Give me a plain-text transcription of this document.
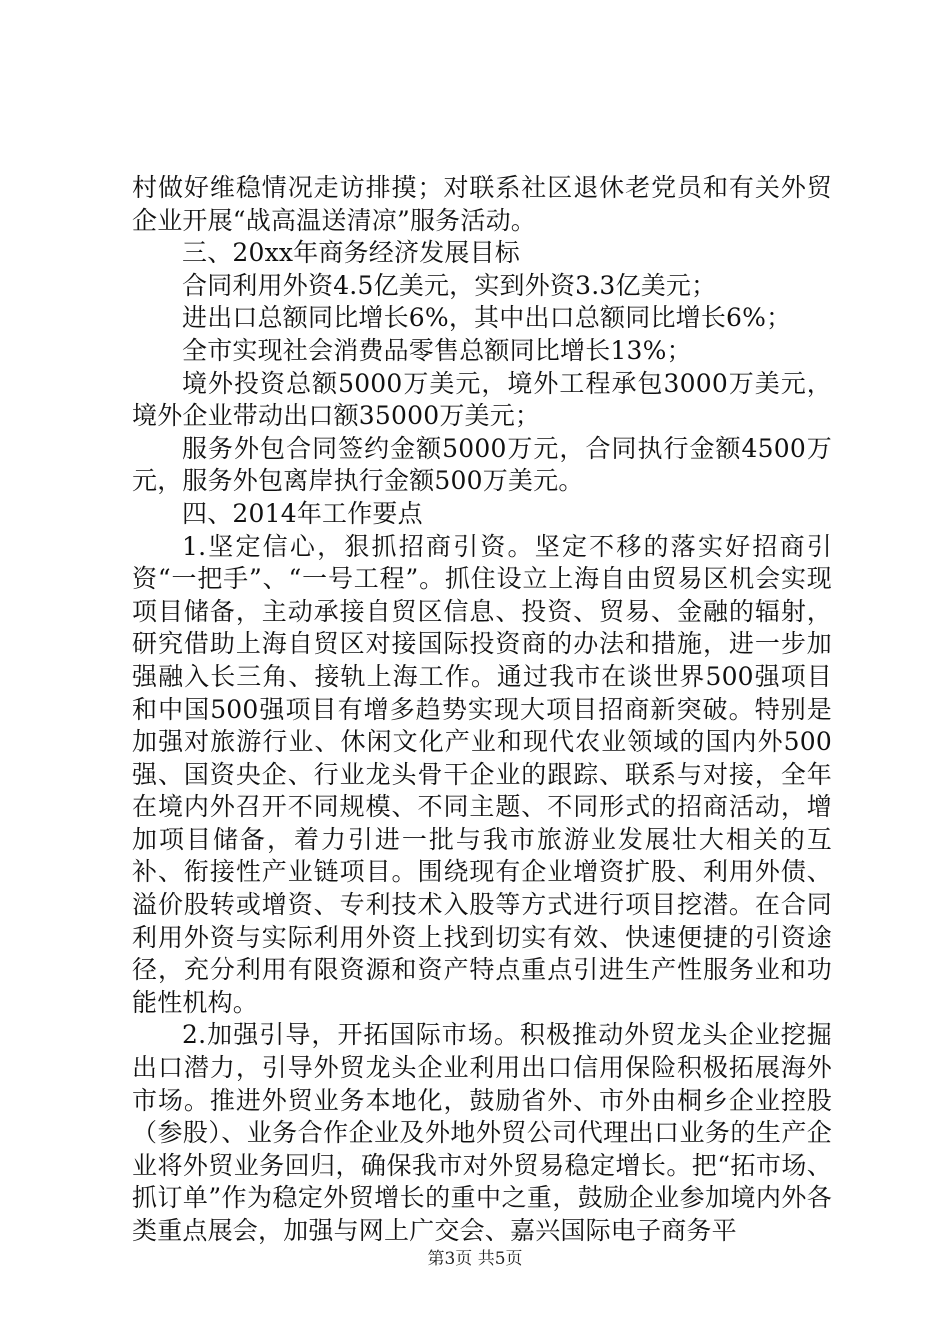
村做好维稳情况走访排摸；对联系社区退休老党员和有关外贸企业开展“战高温送清凉”服务活动。

三、20xx年商务经济发展目标

合同利用外资4.5亿美元，实到外资3.3亿美元；

进出口总额同比增长6%，其中出口总额同比增长6%；

全市实现社会消费品零售总额同比增长13%；

境外投资总额5000万美元，境外工程承包3000万美元，境外企业带动出口额35000万美元；

服务外包合同签约金额5000万元，合同执行金额4500万元，服务外包离岸执行金额500万美元。

四、2014年工作要点

1.坚定信心，狠抓招商引资。坚定不移的落实好招商引资“一把手”、“一号工程”。抓住设立上海自由贸易区机会实现项目储备，主动承接自贸区信息、投资、贸易、金融的辐射，研究借助上海自贸区对接国际投资商的办法和措施，进一步加强融入长三角、接轨上海工作。通过我市在谈世界500强项目和中国500强项目有增多趋势实现大项目招商新突破。特别是加强对旅游行业、休闲文化产业和现代农业领域的国内外500强、国资央企、行业龙头骨干企业的跟踪、联系与对接，全年在境内外召开不同规模、不同主题、不同形式的招商活动，增加项目储备，着力引进一批与我市旅游业发展壮大相关的互补、衔接性产业链项目。围绕现有企业增资扩股、利用外债、溢价股转或增资、专利技术入股等方式进行项目挖潜。在合同利用外资与实际利用外资上找到切实有效、快速便捷的引资途径，充分利用有限资源和资产特点重点引进生产性服务业和功能性机构。

2.加强引导，开拓国际市场。积极推动外贸龙头企业挖掘出口潜力，引导外贸龙头企业利用出口信用保险积极拓展海外市场。推进外贸业务本地化，鼓励省外、市外由桐乡企业控股（参股）、业务合作企业及外地外贸公司代理出口业务的生产企业将外贸业务回归，确保我市对外贸易稳定增长。把“拓市场、抓订单”作为稳定外贸增长的重中之重，鼓励企业参加境内外各类重点展会，加强与网上广交会、嘉兴国际电子商务平

第3页 共5页
